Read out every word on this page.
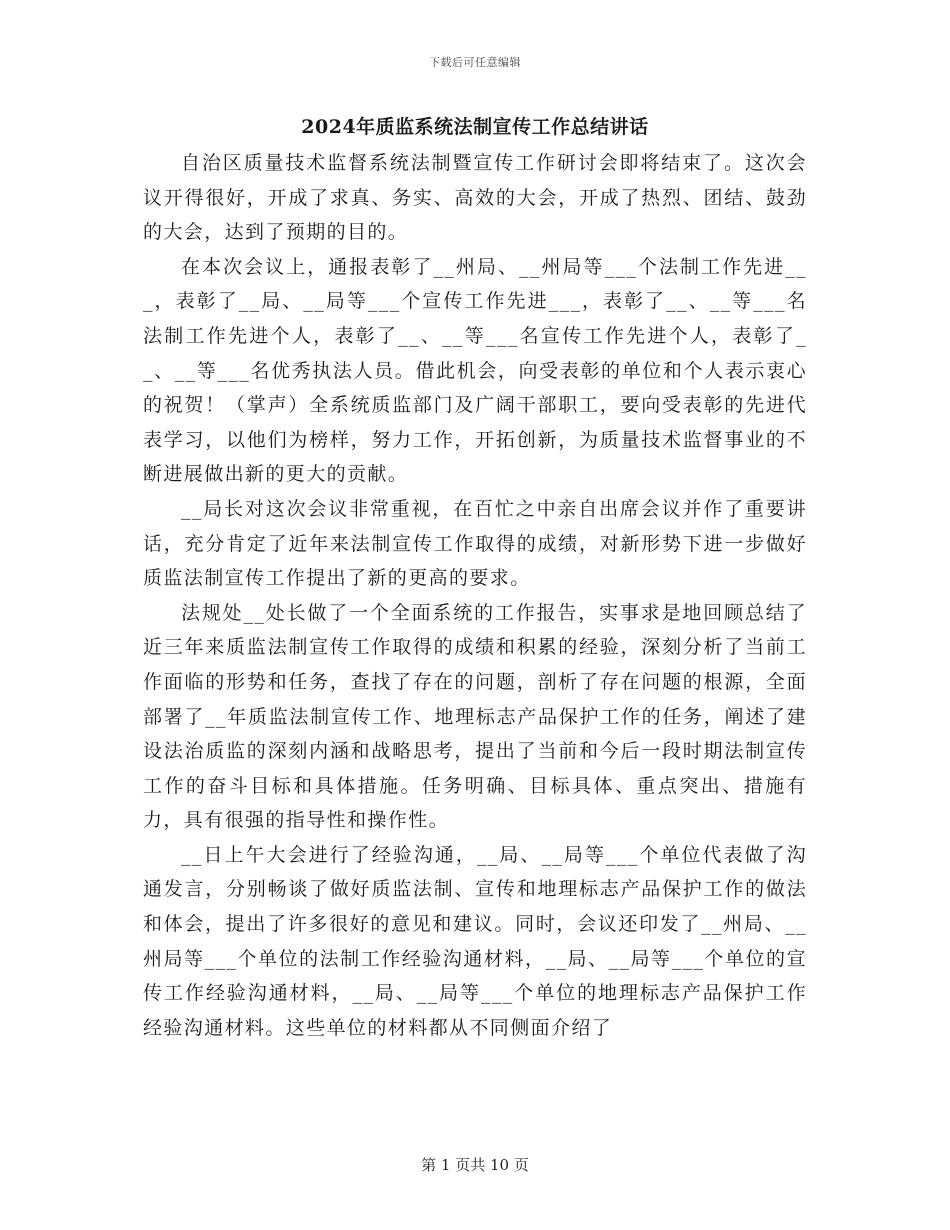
下载后可任意编辑
2024年质监系统法制宣传工作总结讲话

自治区质量技术监督系统法制暨宣传工作研讨会即将结束了。这次会议开得很好，开成了求真、务实、高效的大会，开成了热烈、团结、鼓劲的大会，达到了预期的目的。

在本次会议上，通报表彰了__州局、__州局等___个法制工作先进___，表彰了__局、__局等___个宣传工作先进___，表彰了__、__等___名法制工作先进个人，表彰了__、__等___名宣传工作先进个人，表彰了__、__等___名优秀执法人员。借此机会，向受表彰的单位和个人表示衷心的祝贺！（掌声）全系统质监部门及广阔干部职工，要向受表彰的先进代表学习，以他们为榜样，努力工作，开拓创新，为质量技术监督事业的不断进展做出新的更大的贡献。

__局长对这次会议非常重视，在百忙之中亲自出席会议并作了重要讲话，充分肯定了近年来法制宣传工作取得的成绩，对新形势下进一步做好质监法制宣传工作提出了新的更高的要求。

法规处__处长做了一个全面系统的工作报告，实事求是地回顾总结了近三年来质监法制宣传工作取得的成绩和积累的经验，深刻分析了当前工作面临的形势和任务，查找了存在的问题，剖析了存在问题的根源，全面部署了__年质监法制宣传工作、地理标志产品保护工作的任务，阐述了建设法治质监的深刻内涵和战略思考，提出了当前和今后一段时期法制宣传工作的奋斗目标和具体措施。任务明确、目标具体、重点突出、措施有力，具有很强的指导性和操作性。

__日上午大会进行了经验沟通，__局、__局等___个单位代表做了沟通发言，分别畅谈了做好质监法制、宣传和地理标志产品保护工作的做法和体会，提出了许多很好的意见和建议。同时，会议还印发了__州局、__州局等___个单位的法制工作经验沟通材料，__局、__局等___个单位的宣传工作经验沟通材料，__局、__局等___个单位的地理标志产品保护工作经验沟通材料。这些单位的材料都从不同侧面介绍了

第 1 页共 10 页
